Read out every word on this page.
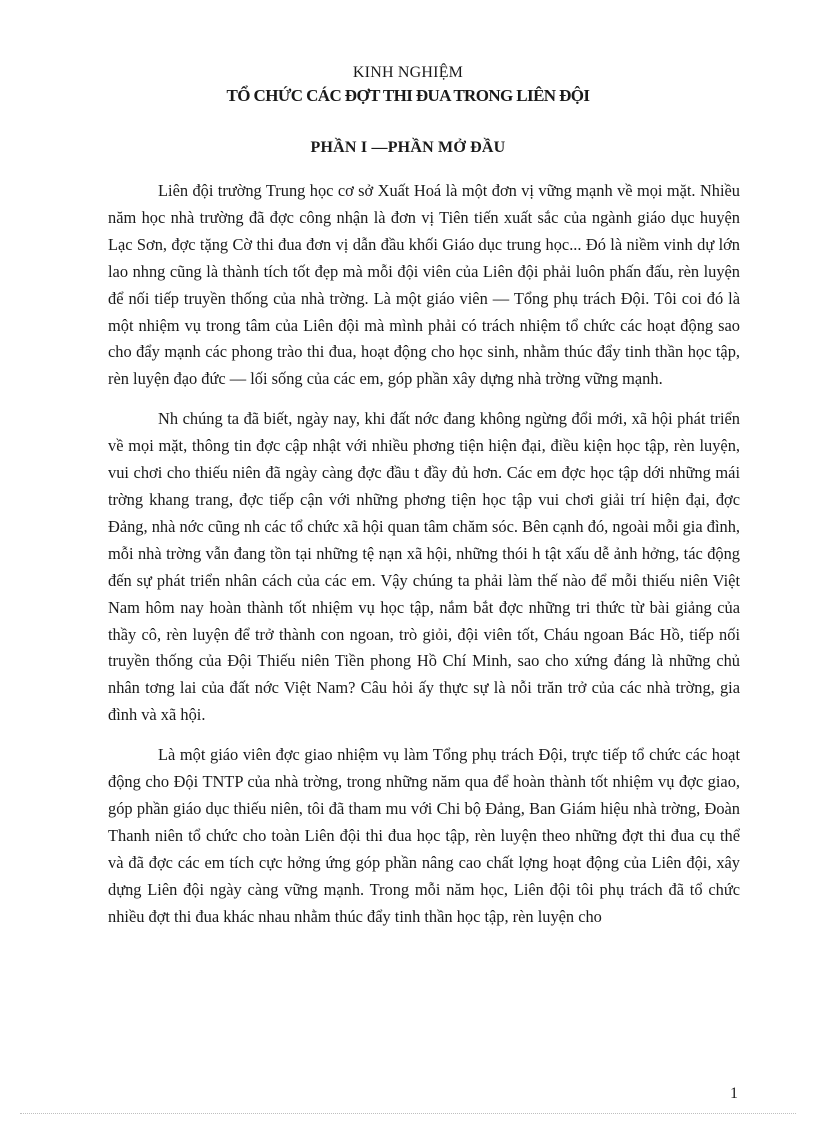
KINH NGHIỆM
TỔ CHỨC CÁC ĐỢT THI ĐUA TRONG LIÊN ĐỘI
PHẦN I —PHẦN MỞ ĐẦU

Liên đội trường Trung học cơ sở Xuất Hoá là một đơn vị vững mạnh về mọi mặt. Nhiều năm học nhà trường đã đợc công nhận là đơn vị Tiên tiến xuất sắc của ngành giáo dục huyện Lạc Sơn, đợc tặng Cờ thi đua đơn vị dẫn đầu khối Giáo dục trung học... Đó là niềm vinh dự lớn lao nhng cũng là thành tích tốt đẹp mà mỗi đội viên của Liên đội phải luôn phấn đấu, rèn luyện để nối tiếp truyền thống của nhà trờng. Là một giáo viên — Tổng phụ trách Đội. Tôi coi đó là một nhiệm vụ trong tâm của Liên đội mà mình phải có trách nhiệm tổ chức các hoạt động sao cho đẩy mạnh các phong trào thi đua, hoạt động cho học sinh, nhằm thúc đẩy tinh thần học tập, rèn luyện đạo đức — lối sống của các em, góp phần xây dựng nhà trờng vững mạnh.

Nh chúng ta đã biết, ngày nay, khi đất nớc đang không ngừng đổi mới, xã hội phát triển về mọi mặt, thông tin đợc cập nhật với nhiều phơng tiện hiện đại, điều kiện học tập, rèn luyện, vui chơi cho thiếu niên đã ngày càng đợc đầu t đầy đủ hơn. Các em đợc học tập dới những mái trờng khang trang, đợc tiếp cận với những phơng tiện học tập vui chơi giải trí hiện đại, đợc Đảng, nhà nớc cũng nh các tổ chức xã hội quan tâm chăm sóc. Bên cạnh đó, ngoài mỗi gia đình, mỗi nhà trờng vẫn đang tồn tại những tệ nạn xã hội, những thói h tật xấu dễ ảnh hởng, tác động đến sự phát triển nhân cách của các em. Vậy chúng ta phải làm thế nào để mỗi thiếu niên Việt Nam hôm nay hoàn thành tốt nhiệm vụ học tập, nắm bắt đợc những tri thức từ bài giảng của thầy cô, rèn luyện để trở thành con ngoan, trò giỏi, đội viên tốt, Cháu ngoan Bác Hồ, tiếp nối truyền thống của Đội Thiếu niên Tiền phong Hồ Chí Minh, sao cho xứng đáng là những chủ nhân tơng lai của đất nớc Việt Nam? Câu hỏi ấy thực sự là nỗi trăn trở của các nhà trờng, gia đình và xã hội.

Là một giáo viên đợc giao nhiệm vụ làm Tổng phụ trách Đội, trực tiếp tổ chức các hoạt động cho Đội TNTP của nhà trờng, trong những năm qua để hoàn thành tốt nhiệm vụ đợc giao, góp phần giáo dục thiếu niên, tôi đã tham mu với Chi bộ Đảng, Ban Giám hiệu nhà trờng, Đoàn Thanh niên tổ chức cho toàn Liên đội thi đua học tập, rèn luyện theo những đợt thi đua cụ thể và đã đợc các em tích cực hởng ứng góp phần nâng cao chất lợng hoạt động của Liên đội, xây dựng Liên đội ngày càng vững mạnh. Trong mỗi năm học, Liên đội tôi phụ trách đã tổ chức nhiều đợt thi đua khác nhau nhằm thúc đẩy tinh thần học tập, rèn luyện cho

1
